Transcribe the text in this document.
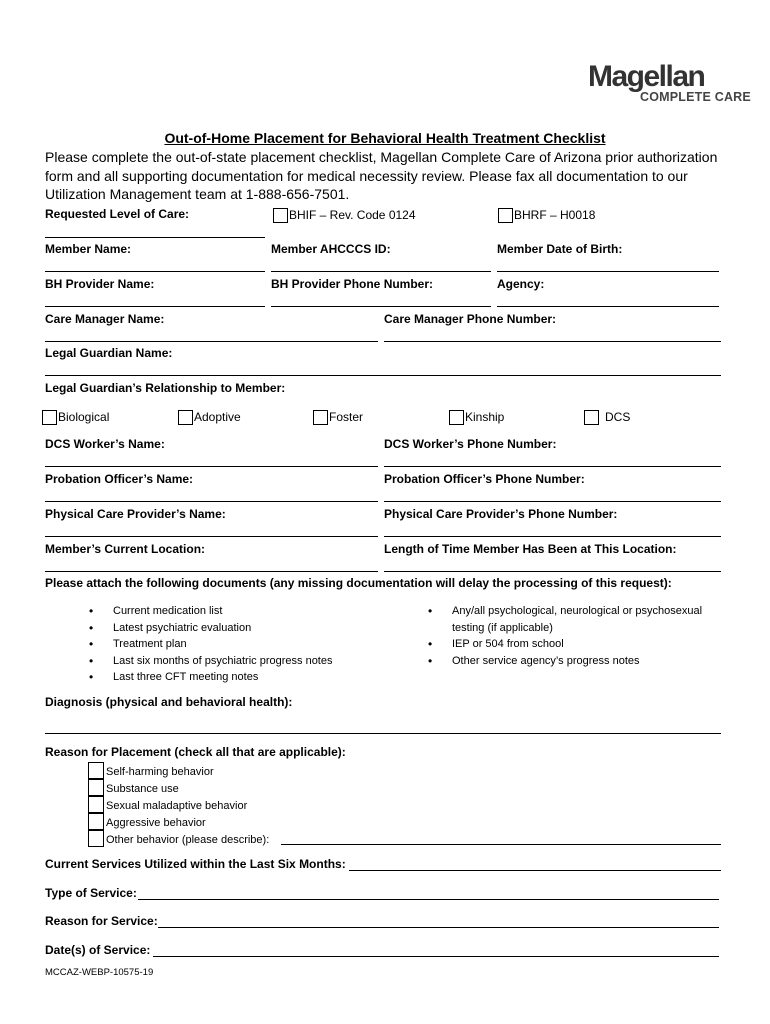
Magellan
COMPLETE CARE
Out-of-Home Placement for Behavioral Health Treatment Checklist
Please complete the out-of-state placement checklist, Magellan Complete Care of Arizona prior authorization form and all supporting documentation for medical necessity review. Please fax all documentation to our Utilization Management team at 1-888-656-7501.
Requested Level of Care:	BHIF – Rev. Code 0124	BHRF – H0018
Member Name:	Member AHCCCS ID:	Member Date of Birth:
BH Provider Name:	BH Provider Phone Number:	Agency:
Care Manager Name:	Care Manager Phone Number:
Legal Guardian Name:
Legal Guardian’s Relationship to Member:
Biological	Adoptive	Foster	Kinship	DCS
DCS Worker’s Name:	DCS Worker’s Phone Number:
Probation Officer’s Name:	Probation Officer’s Phone Number:
Physical Care Provider’s Name:	Physical Care Provider’s Phone Number:
Member’s Current Location:	Length of Time Member Has Been at This Location:
Please attach the following documents (any missing documentation will delay the processing of this request):
• Current medication list
• Latest psychiatric evaluation
• Treatment plan
• Last six months of psychiatric progress notes
• Last three CFT meeting notes
• Any/all psychological, neurological or psychosexual testing (if applicable)
• IEP or 504 from school
• Other service agency’s progress notes
Diagnosis (physical and behavioral health):
Reason for Placement (check all that are applicable):
Self-harming behavior
Substance use
Sexual maladaptive behavior
Aggressive behavior
Other behavior (please describe):
Current Services Utilized within the Last Six Months:
Type of Service:
Reason for Service:
Date(s) of Service:
MCCAZ-WEBP-10575-19
